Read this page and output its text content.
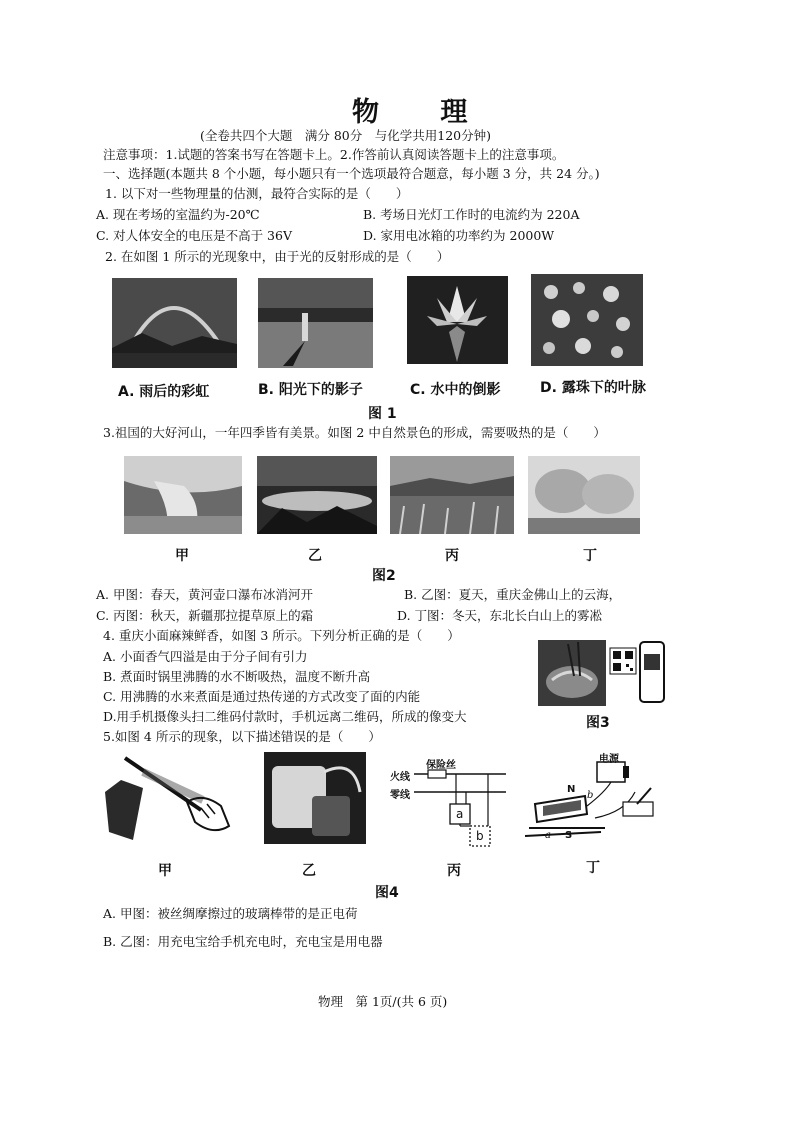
物 理
(全卷共四个大题　满分 80分　与化学共用120分钟)
注意事项：1.试题的答案书写在答题卡上。2.作答前认真阅读答题卡上的注意事项。
一、选择题(本题共 8 个小题，每小题只有一个选项最符合题意，每小题 3 分，共 24 分。)
1. 以下对一些物理量的估测，最符合实际的是（　　）
A. 现在考场的室温约为-20℃	B. 考场日光灯工作时的电流约为 220A
C. 对人体安全的电压是不高于 36V	D. 家用电冰箱的功率约为 2000W
2. 在如图 1 所示的光现象中，由于光的反射形成的是（　　）
A. 雨后的彩虹	B. 阳光下的影子	C. 水中的倒影	D. 露珠下的叶脉
图 1
3.祖国的大好河山，一年四季皆有美景。如图 2 中自然景色的形成，需要吸热的是（　　）
甲	乙	丙	丁
图2
A. 甲图：春天，黄河壶口瀑布冰消河开	B. 乙图：夏天，重庆金佛山上的云海，
C. 丙图：秋天，新疆那拉提草原上的霜	D. 丁图：冬天，东北长白山上的雾凇
4. 重庆小面麻辣鲜香，如图 3 所示。下列分析正确的是（　　）
A. 小面香气四溢是由于分子间有引力
B. 煮面时锅里沸腾的水不断吸热，温度不断升高
C. 用沸腾的水来煮面是通过热传递的方式改变了面的内能
D.用手机摄像头扫二维码付款时，手机远离二维码，所成的像变大	图3
5.如图 4 所示的现象，以下描述错误的是（　　）
火线
零线
保险丝
a
b
电源
N
S
a
b
甲	乙	丙	丁
图4
A. 甲图：被丝绸摩擦过的玻璃棒带的是正电荷
B. 乙图：用充电宝给手机充电时，充电宝是用电器
物理　第 1页/(共 6 页)
